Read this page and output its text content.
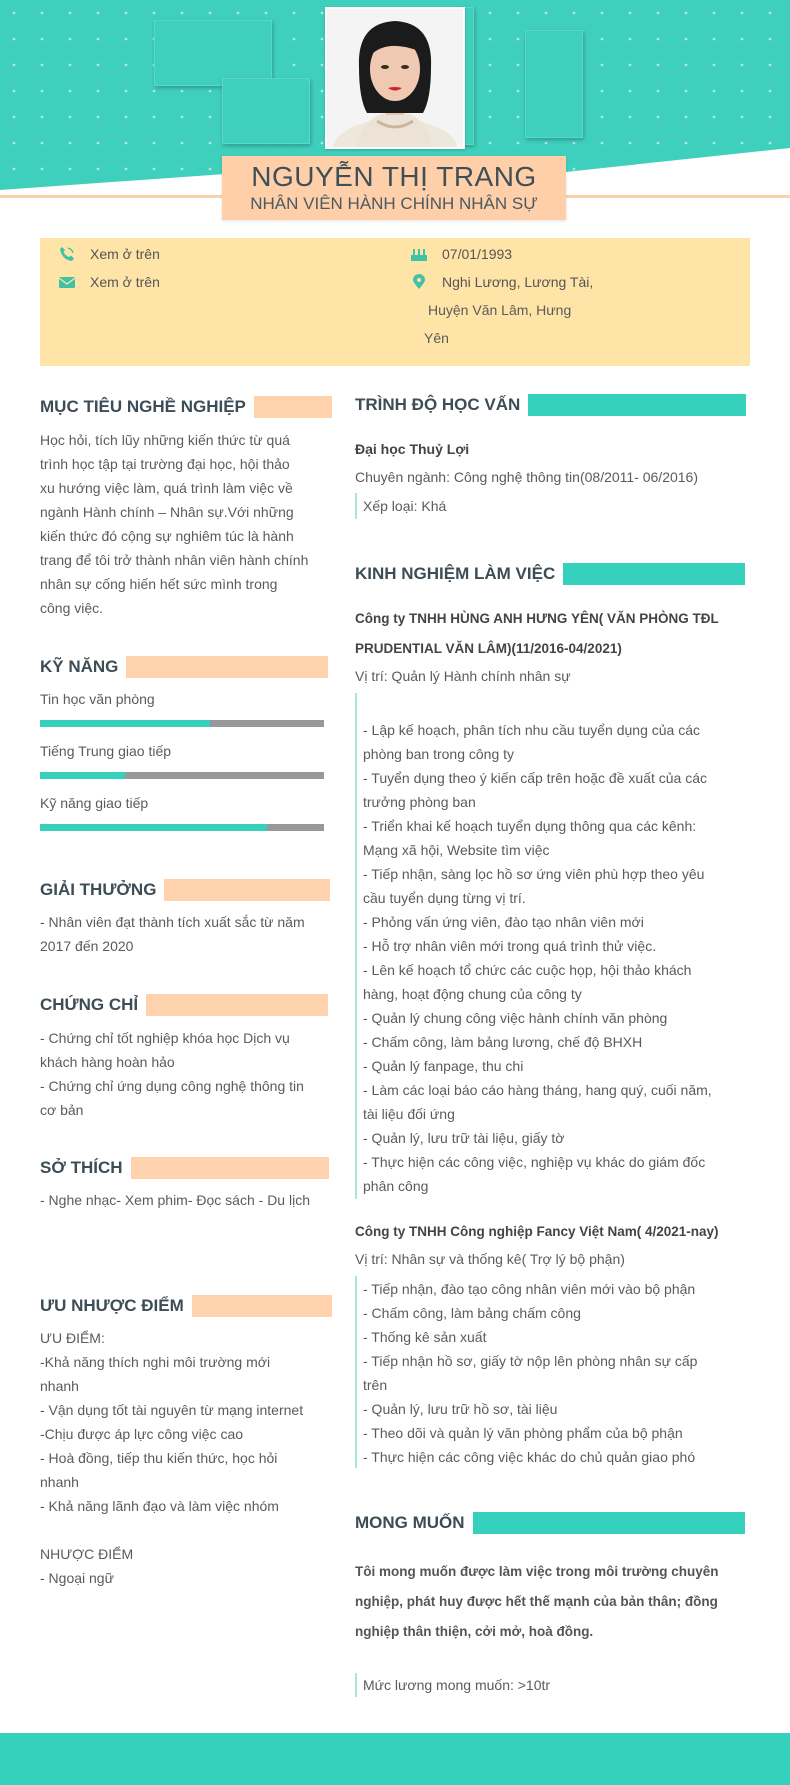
NGUYỄN THỊ TRANG
NHÂN VIÊN HÀNH CHÍNH NHÂN SỰ
Xem ở trên
Xem ở trên
07/01/1993
Nghi Lương, Lương Tài,
Huyện Văn Lâm, Hưng
Yên
MỤC TIÊU NGHỀ NGHIỆP
Học hỏi, tích lũy những kiến thức từ quá
trình học tập tại trường đại học, hội thảo
xu hướng việc làm, quá trình làm việc về
ngành Hành chính – Nhân sự.Với những
kiến thức đó cộng sự nghiêm túc là hành
trang để tôi trở thành nhân viên hành chính
nhân sự cống hiến hết sức mình trong
công việc.
KỸ NĂNG
Tin học văn phòng
Tiếng Trung giao tiếp
Kỹ năng giao tiếp
GIẢI THƯỞNG
- Nhân viên đạt thành tích xuất sắc từ năm
2017 đến 2020
CHỨNG CHỈ
- Chứng chỉ tốt nghiệp khóa học Dịch vụ
khách hàng hoàn hảo
- Chứng chỉ ứng dụng công nghệ thông tin
cơ bản
SỞ THÍCH
- Nghe nhạc- Xem phim- Đọc sách - Du lịch
ƯU NHƯỢC ĐIỂM
ƯU ĐIỂM:
-Khả năng thích nghi môi trường mới
nhanh
- Vận dụng tốt tài nguyên từ mạng internet
-Chịu được áp lực công việc cao
- Hoà đồng, tiếp thu kiến thức, học hỏi
nhanh
- Khả năng lãnh đạo và làm việc nhóm
NHƯỢC ĐIỂM
- Ngoại ngữ
TRÌNH ĐỘ HỌC VẤN
Đại học Thuỷ Lợi
Chuyên ngành: Công nghệ thông tin(08/2011- 06/2016)
Xếp loại: Khá
KINH NGHIỆM LÀM VIỆC
Công ty TNHH HÙNG ANH HƯNG YÊN( VĂN PHÒNG TĐL
PRUDENTIAL VĂN LÂM)(11/2016-04/2021)
Vị trí: Quản lý Hành chính nhân sự
- Lập kế hoạch, phân tích nhu cầu tuyển dụng của các
phòng ban trong công ty
- Tuyển dụng theo ý kiến cấp trên hoặc đề xuất của các
trưởng phòng ban
- Triển khai kế hoạch tuyển dụng thông qua các kênh:
Mạng xã hội, Website tìm việc
- Tiếp nhận, sàng lọc hồ sơ ứng viên phù hợp theo yêu
cầu tuyển dụng từng vị trí.
- Phỏng vấn ứng viên, đào tạo nhân viên mới
- Hỗ trợ nhân viên mới trong quá trình thử việc.
- Lên kế hoạch tổ chức các cuộc họp, hội thảo khách
hàng, hoạt động chung của công ty
- Quản lý chung công việc hành chính văn phòng
- Chấm công, làm bảng lương, chế độ BHXH
- Quản lý fanpage, thu chi
- Làm các loại báo cáo hàng tháng, hang quý, cuối năm,
tài liệu đối ứng
- Quản lý, lưu trữ tài liệu, giấy tờ
- Thực hiện các công việc, nghiệp vụ khác do giám đốc
phân công
Công ty TNHH Công nghiệp Fancy Việt Nam( 4/2021-nay)
Vị trí: Nhân sự và thống kê( Trợ lý bộ phận)
- Tiếp nhận, đào tạo công nhân viên mới vào bộ phận
- Chấm công, làm bảng chấm công
- Thống kê sản xuất
- Tiếp nhận hồ sơ, giấy tờ nộp lên phòng nhân sự cấp
trên
- Quản lý, lưu trữ hồ sơ, tài liệu
- Theo dõi và quản lý văn phòng phẩm của bộ phận
- Thực hiện các công việc khác do chủ quản giao phó
MONG MUỐN
Tôi mong muốn được làm việc trong môi trường chuyên
nghiệp, phát huy được hết thế mạnh của bản thân; đồng
nghiệp thân thiện, cởi mở, hoà đồng.
Mức lương mong muốn: >10tr
